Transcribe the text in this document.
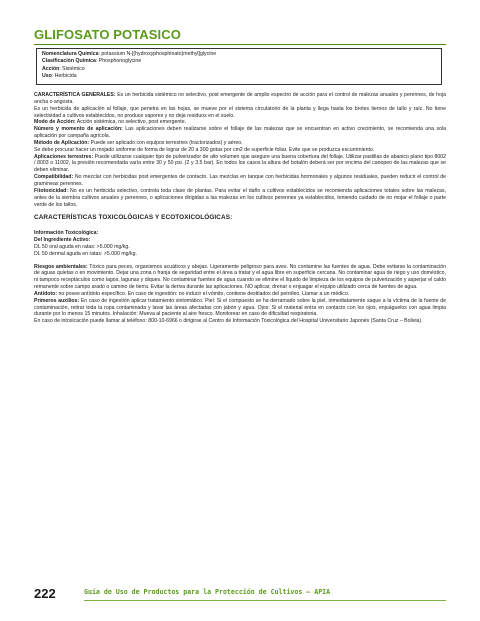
GLIFOSATO POTASICO
Nomenclatura Química: potassium N-[(hydroxyphosphinato)methyl]glycine
Clasificación Química: Phosphonoglycine
Acción: Sistémico
Uso: Herbicida

CARACTERÍSTICA GENERALES: Es un herbicida sistémico no selectivo, post emergente de amplio espectro de acción para el control de malezas anuales y perennes, de hoja ancha o angosta.

Es un herbicida de aplicación al follaje, que penetra en las hojas, se mueve por el sistema circulatorio de la planta y llega hasta los brotes tiernos de tallo y raíz. No tiene selectividad a cultivos establecidos, no produce vapores y no deja residuos en el suelo.

Modo de Acción: Acción sistémica, no selectivo, post emergente.

Número y momento de aplicación: Las aplicaciones deben realizarse sobre el follaje de las malezas que se encuentran en activo crecimiento, se recomienda una sola aplicación por campaña agrícola.

Método de Aplicación: Puede ser aplicado con equipos terrestres (tractorizados) y aéreo.

Se debe procurar hacer un mojado uniforme de forma de lograr de 20 a 300 gotas por cm2 de superficie foliar. Evite que se produzca escurrimiento.

Aplicaciones terrestres: Puede utilizarse cualquier tipo de pulverizador de alto volumen que asegure una buena cobertura del follaje. Utilizar pastillas de abanico plano tipo 8002 / 8003 o 11002, la presión recomendada varía entre 30 y 50 psi. (2 y 3.5 bar). En todos los casos la altura del botalón deberá ser por encima del canopeo de las malezas que se deben eliminar.

Compatibilidad: No mezclar con herbicidas post emergentes de contacto. Las mezclas en tanque con herbicidas hormonales y algunos residuales, pueden reducir el control de gramíneas perennes.

Fitotoxicidad: No es un herbicida selectivo, controla toda clase de plantas. Para evitar el daño a cultivos establecidos se recomienda aplicaciones totales sobre las malezas, antes de la siembra cultivos anuales y perennes, o aplicaciones dirigidas a las malezas en los cultivos perennes ya establecidos, teniendo cuidado de no mojar el follaje o parte verde de los tallos.

CARACTERÍSTICAS TOXICOLÓGICAS Y ECOTOXICOLÓGICAS:

Información Toxicológica:

Del Ingrediente Activo:

DL 50 oral aguda en ratas: >5.000 mg/kg.

DL 50 dermal aguda en ratas: >5.000 mg/kg.

Riesgos ambientales: Tóxico para peces, organismos acuáticos y abejas. Ligeramente peligroso para aves. No contamine las fuentes de agua. Debe evitarse la contaminación de aguas quietas o en movimiento. Dejar una zona o franja de seguridad entre el área a tratar y el agua libre en superficie cercana. No contaminar agua de riego y uso doméstico, ni tampoco receptáculos como lagos, lagunas y diques. No contaminar fuentes de agua cuando se elimine el líquido de limpieza de los equipos de pulverización y asperjar el caldo remanente sobre campo arado o camino de tierra. Evitar la deriva durante las aplicaciones. NO aplicar, drenar o enjuagar el equipo utilizado cerca de fuentes de agua.

Antídoto: no posee antídoto específico. En caso de ingestión: no inducir el vómito, contiene destilados del petróleo. Llamar a un médico.

Primeros auxilios: En caso de ingestión aplicar tratamiento sintomático. Piel: Si el compuesto se ha derramado sobre la piel, inmediatamente saque a la víctima de la fuente de contaminación, retirar toda la ropa contaminada y lavar las áreas afectadas con jabón y agua. Ojos: Si el material entra en contacto con los ojos, enjuáguelos con agua limpia durante por lo menos 15 minutos. Inhalación: Mueva al paciente al aire fresco. Monitorear en caso de dificultad respiratoria.

En caso de intoxicación puede llamar al teléfono: 800-10-6966 o dirigirse al Centro de Información Toxicológica del Hospital Universitario Japonés (Santa Cruz – Bolivia).

222	Guía de Uso de Productos para la Protección de Cultivos – APIA
